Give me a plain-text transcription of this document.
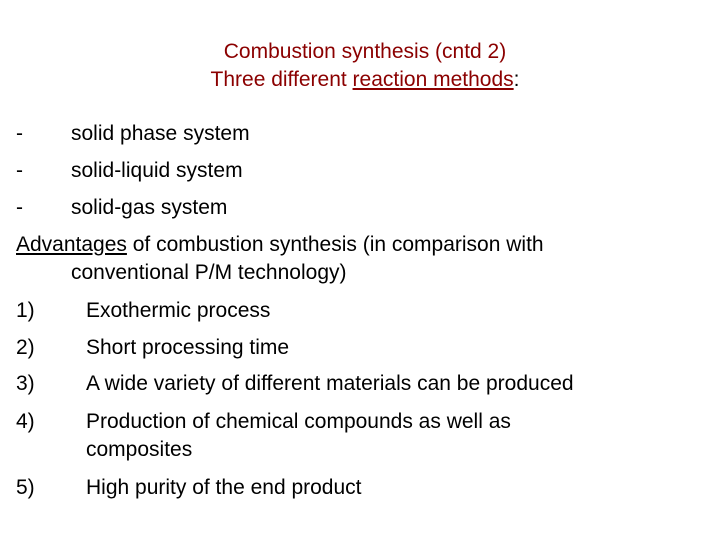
Combustion synthesis (cntd 2)
Three different reaction methods:
- solid phase system
- solid-liquid system
- solid-gas system
Advantages of combustion synthesis (in comparison with
conventional P/M technology)
1) Exothermic process
2) Short processing time
3) A wide variety of different materials can be produced
4) Production of chemical compounds as well as
composites
5) High purity of the end product
